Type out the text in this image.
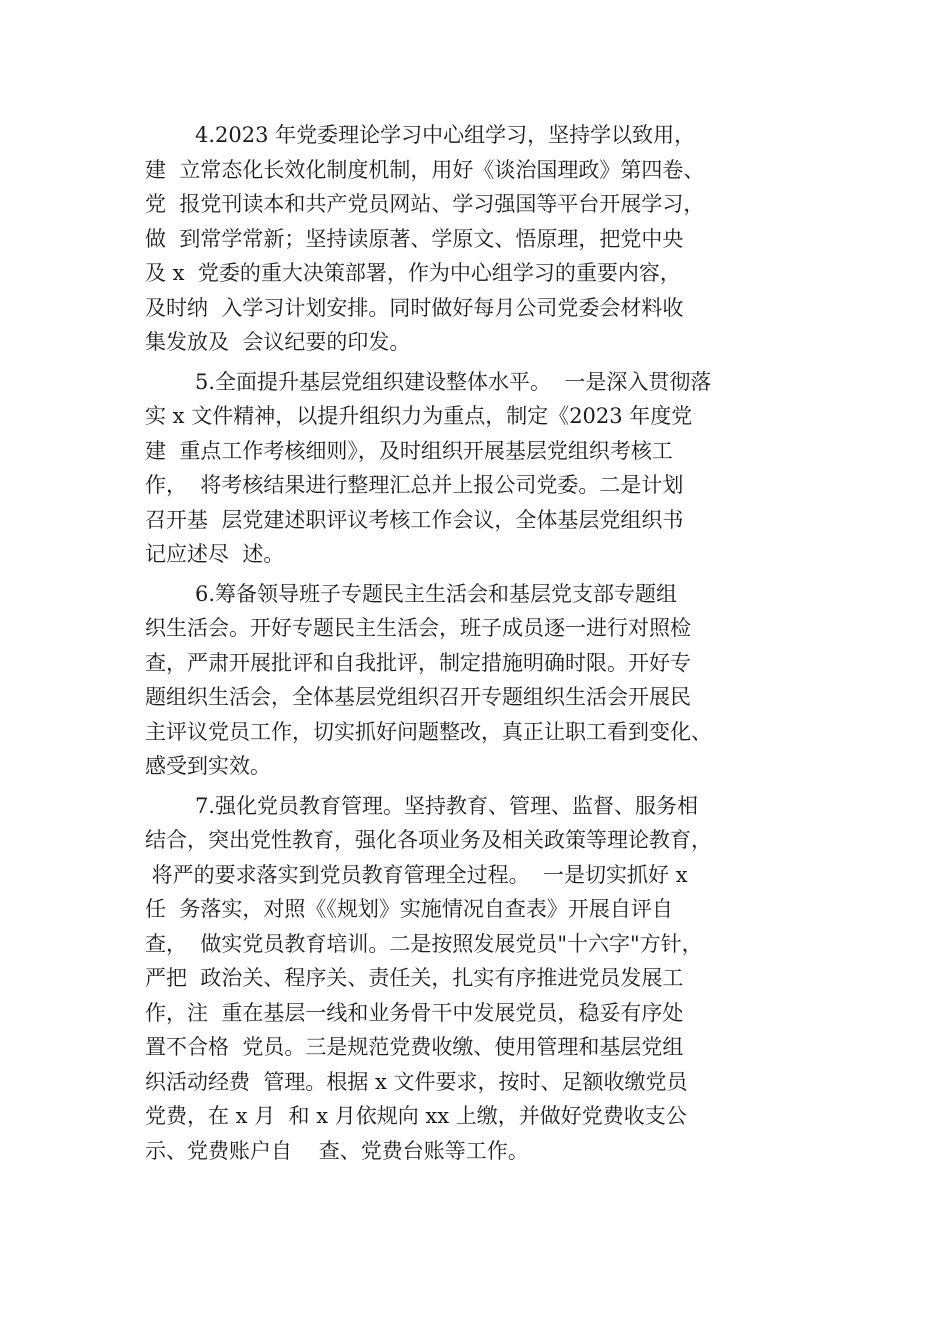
4.2023 年党委理论学习中心组学习，坚持学以致用，
建  立常态化长效化制度机制，用好《谈治国理政》第四卷、
党  报党刊读本和共产党员网站、学习强国等平台开展学习，
做  到常学常新；坚持读原著、学原文、悟原理，把党中央
及 x  党委的重大决策部署，作为中心组学习的重要内容，
及时纳  入学习计划安排。同时做好每月公司党委会材料收
集发放及  会议纪要的印发。
5.全面提升基层党组织建设整体水平。  一是深入贯彻落
实 x 文件精神，以提升组织力为重点，制定《2023 年度党
建  重点工作考核细则》，及时组织开展基层党组织考核工
作，  将考核结果进行整理汇总并上报公司党委。二是计划
召开基  层党建述职评议考核工作会议，全体基层党组织书
记应述尽  述。
6.筹备领导班子专题民主生活会和基层党支部专题组
织生活会。开好专题民主生活会，班子成员逐一进行对照检
查，严肃开展批评和自我批评，制定措施明确时限。开好专
题组织生活会，全体基层党组织召开专题组织生活会开展民
主评议党员工作，切实抓好问题整改，真正让职工看到变化、
感受到实效。
7.强化党员教育管理。坚持教育、管理、监督、服务相
结合，突出党性教育，强化各项业务及相关政策等理论教育，
将严的要求落实到党员教育管理全过程。  一是切实抓好 x
任  务落实，对照《《规划》实施情况自查表》开展自评自
查，  做实党员教育培训。二是按照发展党员"十六字"方针，
严把  政治关、程序关、责任关，扎实有序推进党员发展工
作，注  重在基层一线和业务骨干中发展党员，稳妥有序处
置不合格  党员。三是规范党费收缴、使用管理和基层党组
织活动经费  管理。根据 x 文件要求，按时、足额收缴党员
党费，在 x 月  和 x 月依规向 xx 上缴，并做好党费收支公
示、党费账户自    查、党费台账等工作。
